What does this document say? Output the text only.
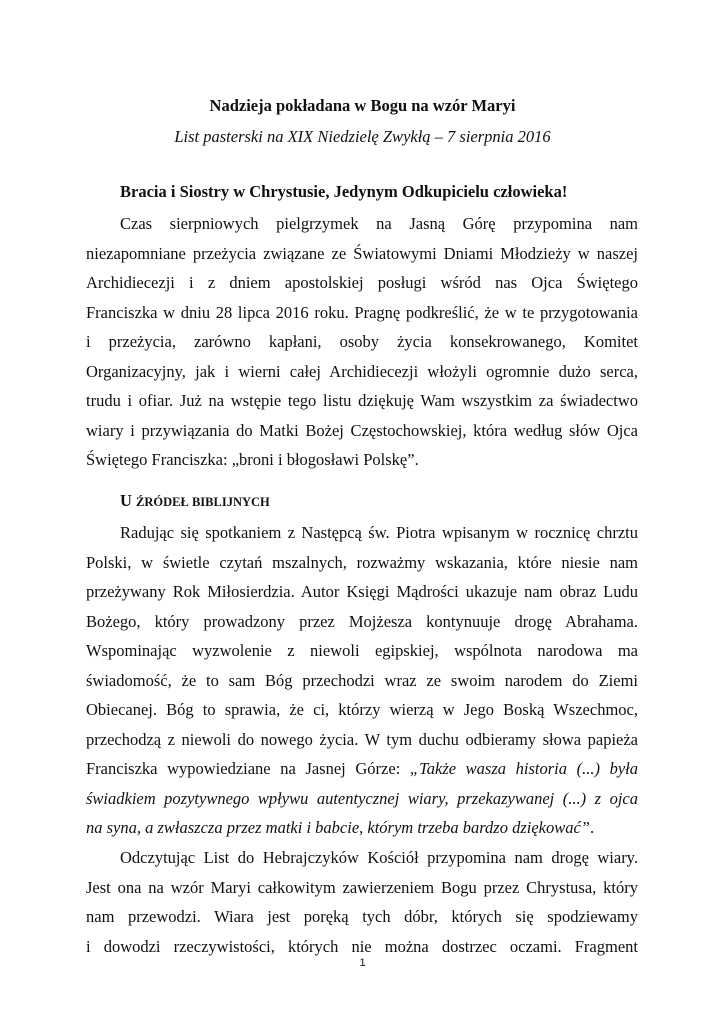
Nadzieja pokładana w Bogu na wzór Maryi
List pasterski na XIX Niedzielę Zwykłą – 7 sierpnia 2016
Bracia i Siostry w Chrystusie, Jedynym Odkupicielu człowieka!
Czas sierpniowych pielgrzymek na Jasną Górę przypomina nam
niezapomniane przeżycia związane ze Światowymi Dniami Młodzieży w naszej
Archidiecezji i z dniem apostolskiej posługi wśród nas Ojca Świętego
Franciszka w dniu 28 lipca 2016 roku. Pragnę podkreślić, że w te przygotowania
i przeżycia, zarówno kapłani, osoby życia konsekrowanego, Komitet
Organizacyjny, jak i wierni całej Archidiecezji włożyli ogromnie dużo serca,
trudu i ofiar. Już na wstępie tego listu dziękuję Wam wszystkim za świadectwo
wiary i przywiązania do Matki Bożej Częstochowskiej, która według słów Ojca
Świętego Franciszka: „broni i błogosławi Polskę”.
U ŹRÓDEŁ BIBLIJNYCH
Radując się spotkaniem z Następcą św. Piotra wpisanym w rocznicę chrztu
Polski, w świetle czytań mszalnych, rozważmy wskazania, które niesie nam
przeżywany Rok Miłosierdzia. Autor Księgi Mądrości ukazuje nam obraz Ludu
Bożego, który prowadzony przez Mojżesza kontynuuje drogę Abrahama.
Wspominając wyzwolenie z niewoli egipskiej, wspólnota narodowa ma
świadomość, że to sam Bóg przechodzi wraz ze swoim narodem do Ziemi
Obiecanej. Bóg to sprawia, że ci, którzy wierzą w Jego Boską Wszechmoc,
przechodzą z niewoli do nowego życia. W tym duchu odbieramy słowa papieża
Franciszka wypowiedziane na Jasnej Górze: „Także wasza historia (...) była
świadkiem pozytywnego wpływu autentycznej wiary, przekazywanej (...) z ojca
na syna, a zwłaszcza przez matki i babcie, którym trzeba bardzo dziękować”.
Odczytując List do Hebrajczyków Kościół przypomina nam drogę wiary.
Jest ona na wzór Maryi całkowitym zawierzeniem Bogu przez Chrystusa, który
nam przewodzi. Wiara jest poręką tych dóbr, których się spodziewamy
i dowodzi rzeczywistości, których nie można dostrzec oczami. Fragment
1
